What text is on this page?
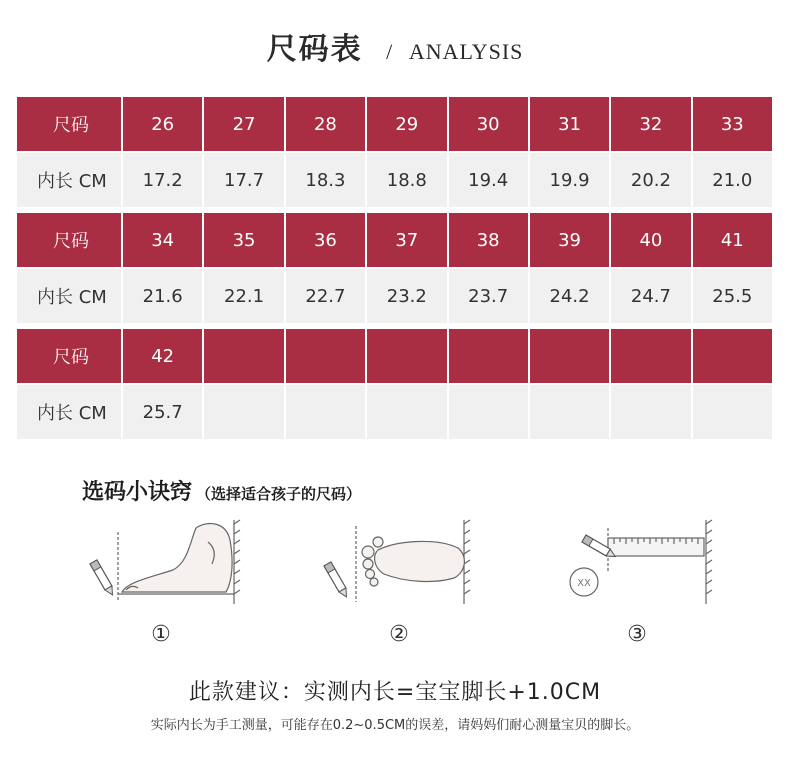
尺码表 / ANALYSIS
尺码	26	27	28	29	30	31	32	33
内长 CM	17.2	17.7	18.3	18.8	19.4	19.9	20.2	21.0

尺码	34	35	36	37	38	39	40	41
内长 CM	21.6	22.1	22.7	23.2	23.7	24.2	24.7	25.5

尺码	42							
内长 CM	25.7							
选码小诀窍 （选择适合孩子的尺码）
XX
①	②	③
此款建议：实测内长=宝宝脚长+1.0CM
实际内长为手工测量，可能存在0.2~0.5CM的误差，请妈妈们耐心测量宝贝的脚长。
